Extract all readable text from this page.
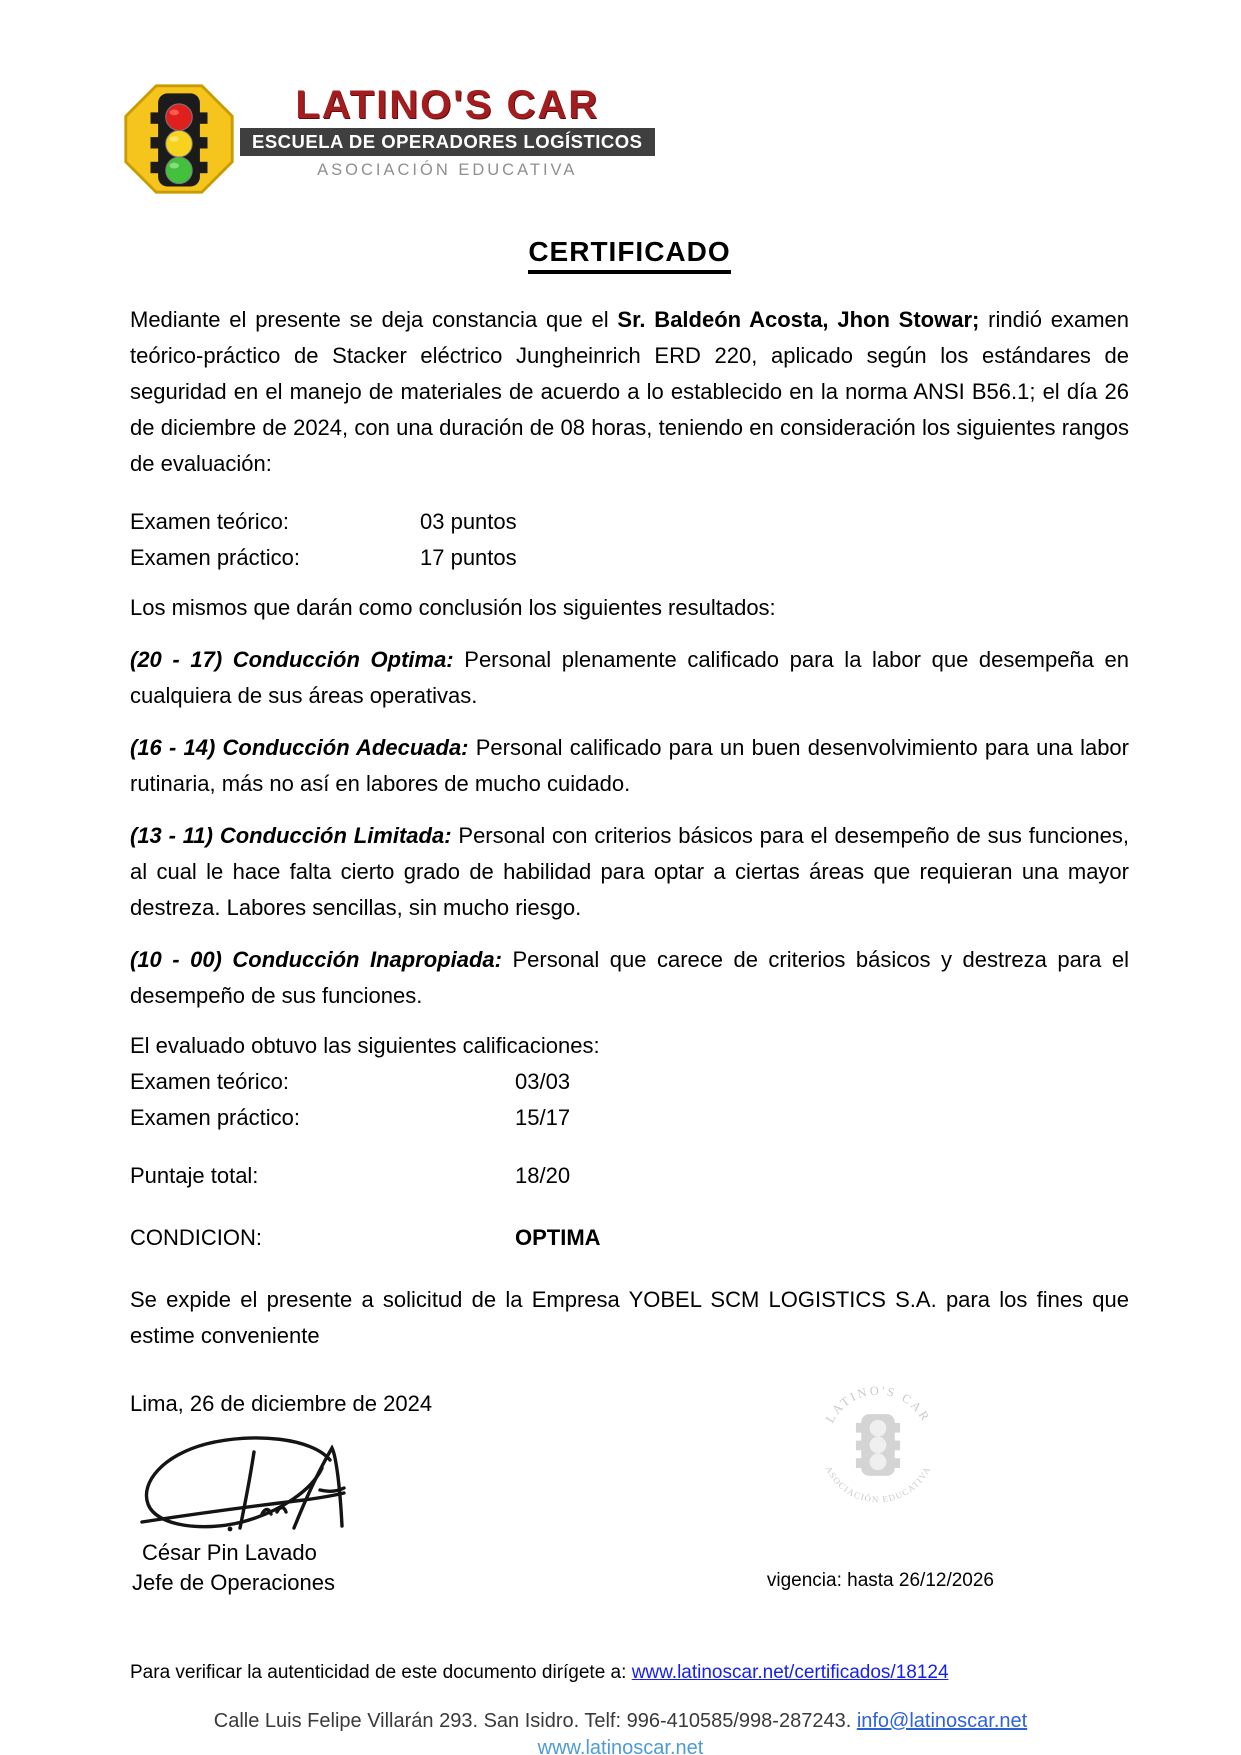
LATINO'S CAR
ESCUELA DE OPERADORES LOGÍSTICOS
ASOCIACIÓN EDUCATIVA
CERTIFICADO

Mediante el presente se deja constancia que el Sr. Baldeón Acosta, Jhon Stowar; rindió examen teórico-práctico de Stacker eléctrico Jungheinrich ERD 220, aplicado según los estándares de seguridad en el manejo de materiales de acuerdo a lo establecido en la norma ANSI B56.1; el día 26 de diciembre de 2024, con una duración de 08 horas, teniendo en consideración los siguientes rangos de evaluación:

Examen teórico:	03 puntos
Examen práctico:	17 puntos

Los mismos que darán como conclusión los siguientes resultados:

(20 - 17) Conducción Optima: Personal plenamente calificado para la labor que desempeña en cualquiera de sus áreas operativas.

(16 - 14) Conducción Adecuada: Personal calificado para un buen desenvolvimiento para una labor rutinaria, más no así en labores de mucho cuidado.

(13 - 11) Conducción Limitada: Personal con criterios básicos para el desempeño de sus funciones, al cual le hace falta cierto grado de habilidad para optar a ciertas áreas que requieran una mayor destreza. Labores sencillas, sin mucho riesgo.

(10 - 00) Conducción Inapropiada: Personal que carece de criterios básicos y destreza para el desempeño de sus funciones.

El evaluado obtuvo las siguientes calificaciones:

Examen teórico:	03/03
Examen práctico:	15/17
Puntaje total:	18/20
CONDICION:	OPTIMA

Se expide el presente a solicitud de la Empresa YOBEL SCM LOGISTICS S.A. para los fines que estime conveniente

Lima, 26 de diciembre de 2024
César Pin Lavado
Jefe de Operaciones
LATINO'S CAR
ASOCIACIÓN EDUCATIVA
vigencia: hasta 26/12/2026
Para verificar la autenticidad de este documento dirígete a: www.latinoscar.net/certificados/18124
Calle Luis Felipe Villarán 293. San Isidro. Telf: 996-410585/998-287243. info@latinoscar.net
www.latinoscar.net
